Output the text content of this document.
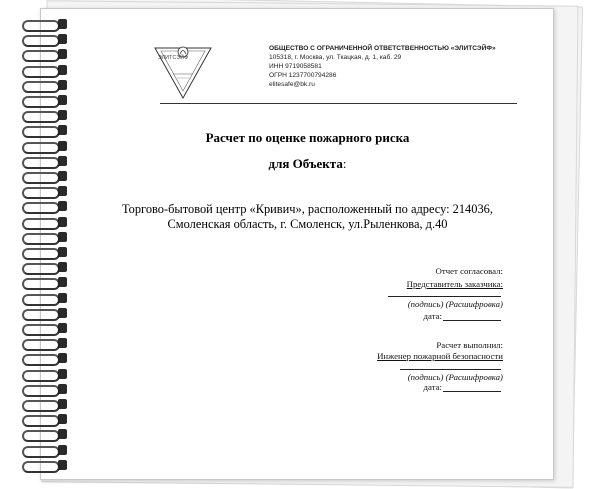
ЭЛИТСЭЙФ
ОБЩЕСТВО С ОГРАНИЧЕННОЙ ОТВЕТСТВЕННОСТЬЮ «ЭЛИТСЭЙФ»
105318, г. Москва, ул. Ткацкая, д. 1, каб. 29
ИНН 9719058581
ОГРН 1237700794286
elitesafe@bk.ru
Расчет по оценке пожарного риска
для Объекта:
Торгово-бытовой центр «Кривич», расположенный по адресу: 214036,
Смоленская область, г. Смоленск, ул.Рыленкова, д.40
Отчет согласовал:
Представитель заказчика:
(подпись) (Расшифровка)
дата:
Расчет выполнил:
Инженер пожарной безопасности
(подпись) (Расшифровка)
дата:
